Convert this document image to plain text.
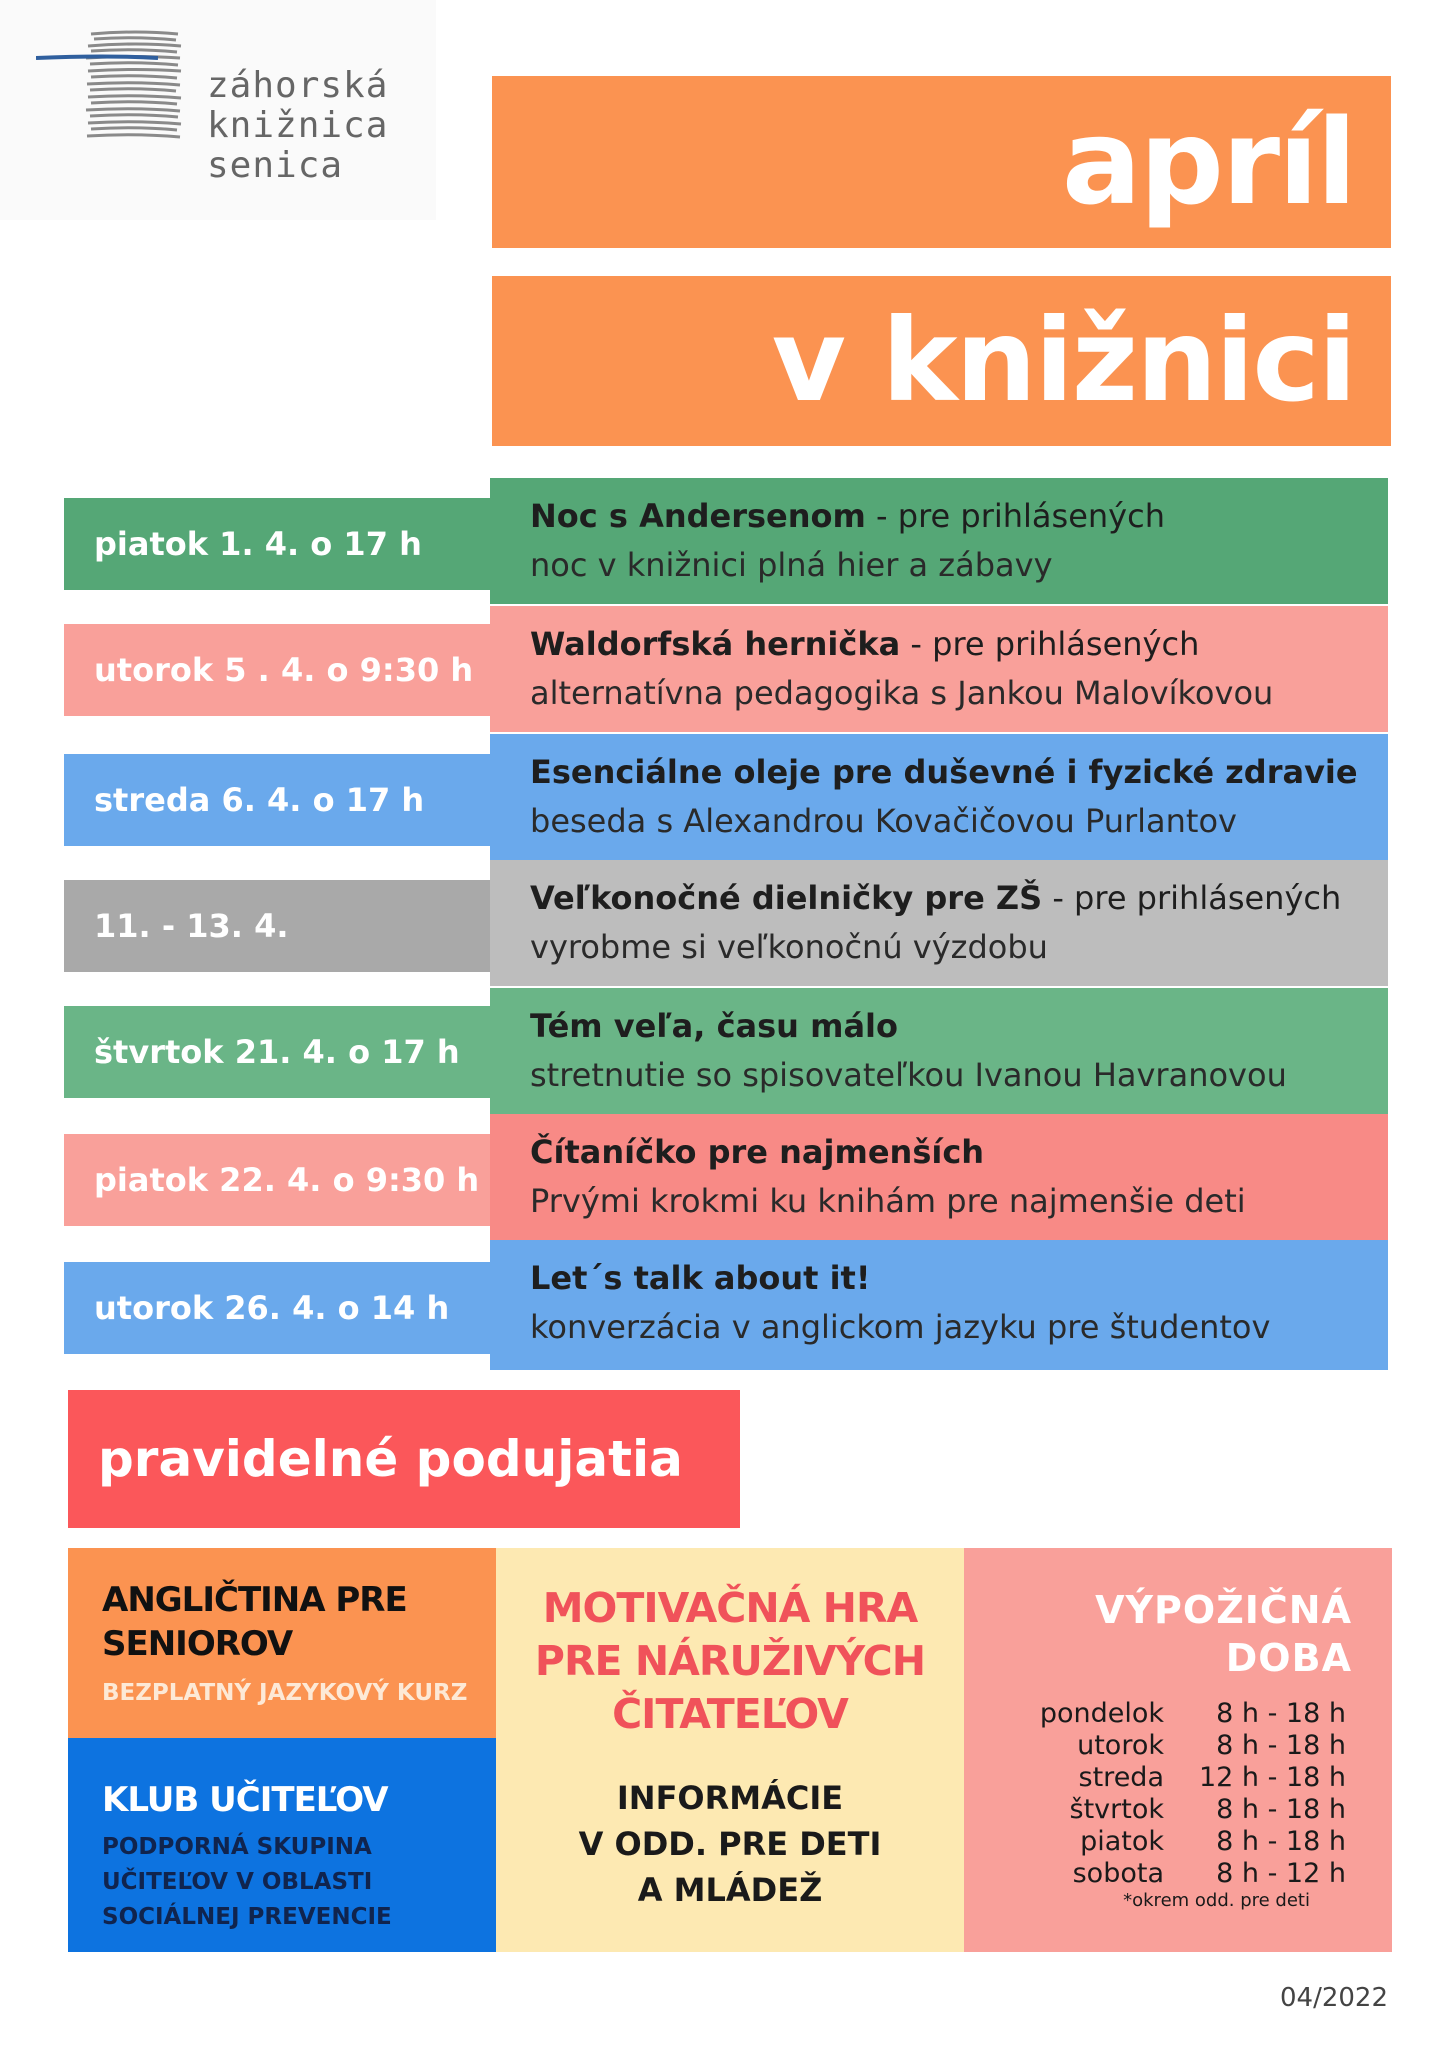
záhorská
knižnica
senica	apríl
v knižnici
piatok 1. 4. o 17 h
Noc s Andersenom - pre prihlásených
noc v knižnici plná hier a zábavy
utorok 5 . 4. o 9:30 h
Waldorfská hernička - pre prihlásených
alternatívna pedagogika s Jankou Malovíkovou
streda 6. 4. o 17 h
Esenciálne oleje pre duševné i fyzické zdravie
beseda s Alexandrou Kovačičovou Purlantov
11. - 13. 4.
Veľkonočné dielničky pre ZŠ - pre prihlásených
vyrobme si veľkonočnú výzdobu
štvrtok 21. 4. o 17 h
Tém veľa, času málo
stretnutie so spisovateľkou Ivanou Havranovou
piatok 22. 4. o 9:30 h
Čítaníčko pre najmenších
Prvými krokmi ku knihám pre najmenšie deti
utorok 26. 4. o 14 h
Let´s talk about it!
konverzácia v anglickom jazyku pre študentov
pravidelné podujatia
ANGLIČTINA PRE
SENIOROV
BEZPLATNÝ JAZYKOVÝ KURZ
KLUB UČITEĽOV
PODPORNÁ SKUPINA
UČITEĽOV V OBLASTI
SOCIÁLNEJ PREVENCIE
MOTIVAČNÁ HRA
PRE NÁRUŽIVÝCH
ČITATEĽOV
INFORMÁCIE
V ODD. PRE DETI
A MLÁDEŽ
VÝPOŽIČNÁ
DOBA
pondelok	8 h - 18 h
utorok	8 h - 18 h
streda	12 h - 18 h
štvrtok	8 h - 18 h
piatok	8 h - 18 h
sobota	8 h - 12 h
*okrem odd. pre deti
04/2022
